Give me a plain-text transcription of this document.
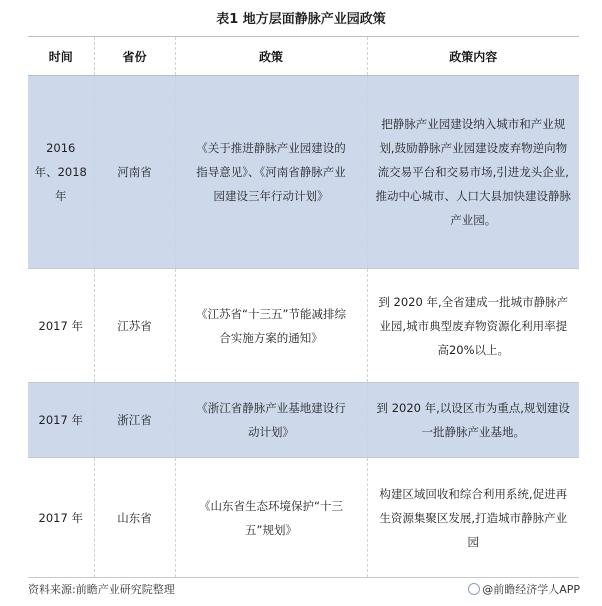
表1 地方层面静脉产业园政策
时间	省份	政策	政策内容
2016 年、2018 年	河南省	《关于推进静脉产业园建设的指导意见》、《河南省静脉产业园建设三年行动计划》	把静脉产业园建设纳入城市和产业规划,鼓励静脉产业园建设废弃物逆向物流交易平台和交易市场,引进龙头企业,推动中心城市、人口大县加快建设静脉产业园。
2017 年	江苏省	《江苏省“十三五”节能减排综合实施方案的通知》	到 2020 年,全省建成一批城市静脉产业园,城市典型废弃物资源化利用率提高20%以上。
2017 年	浙江省	《浙江省静脉产业基地建设行动计划》	到 2020 年,以设区市为重点,规划建设一批静脉产业基地。
2017 年	山东省	《山东省生态环境保护“十三五”规划》	构建区域回收和综合利用系统,促进再生资源集聚区发展,打造城市静脉产业园
资料来源:前瞻产业研究院整理	@前瞻经济学人APP
